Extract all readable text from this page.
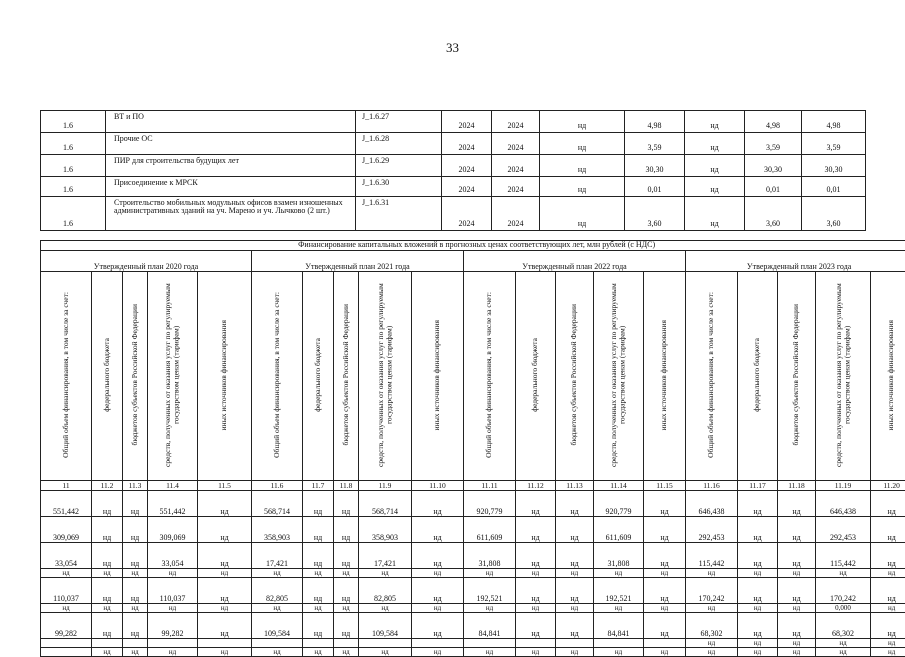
33
1.6	ВТ и ПО	J_1.6.27	2024	2024	нд	4,98	нд	4,98	4,98
1.6	Прочие ОС	J_1.6.28	2024	2024	нд	3,59	нд	3,59	3,59
1.6	ПИР для строительства будущих лет	J_1.6.29	2024	2024	нд	30,30	нд	30,30	30,30
1.6	Присоединение к МРСК	J_1.6.30	2024	2024	нд	0,01	нд	0,01	0,01
1.6	Строительство мобильных модульных офисов взамен изношенных административных зданий на уч. Марено и уч. Лычково (2 шт.)	J_1.6.31	2024	2024	нд	3,60	нд	3,60	3,60
Финансирование капитальных вложений в прогнозных ценах соответствующих лет, млн рублей (с НДС)																			
Утвержденный план 2020 года					Утвержденный план 2021 года					Утвержденный план 2022 года					Утвержденный план 2023 года				
Общий объем финансирования, в том числе за счет:	федерального бюджета	бюджетов субъектов Российской Федерации	средств, полученных от оказания услуг по регулируемым государством ценам (тарифам)	иных источников финансирования	Общий объем финансирования, в том числе за счет:	федерального бюджета	бюджетов субъектов Российской Федерации	средств, полученных от оказания услуг по регулируемым государством ценам (тарифам)	иных источников финансирования	Общий объем финансирования, в том числе за счет:	федерального бюджета	бюджетов субъектов Российской Федерации	средств, полученных от оказания услуг по регулируемым государством ценам (тарифам)	иных источников финансирования	Общий объем финансирования, в том числе за счет:	федерального бюджета	бюджетов субъектов Российской Федерации	средств, полученных от оказания услуг по регулируемым государством ценам (тарифам)	иных источников финансирования
11	11.2	11.3	11.4	11.5	11.6	11.7	11.8	11.9	11.10	11.11	11.12	11.13	11.14	11.15	11.16	11.17	11.18	11.19	11.20
551,442	нд	нд	551,442	нд	568,714	нд	нд	568,714	нд	920,779	нд	нд	920,779	нд	646,438	нд	нд	646,438	нд
309,069	нд	нд	309,069	нд	358,903	нд	нд	358,903	нд	611,609	нд	нд	611,609	нд	292,453	нд	нд	292,453	нд
33,054	нд	нд	33,054	нд	17,421	нд	нд	17,421	нд	31,808	нд	нд	31,808	нд	115,442	нд	нд	115,442	нд
нд	нд	нд	нд	нд	нд	нд	нд	нд	нд	нд	нд	нд	нд	нд	нд	нд	нд	нд	нд
110,037	нд	нд	110,037	нд	82,805	нд	нд	82,805	нд	192,521	нд	нд	192,521	нд	170,242	нд	нд	170,242	нд
нд	нд	нд	нд	нд	нд	нд	нд	нд	нд	нд	нд	нд	нд	нд	нд	нд	нд	0,000	нд
99,282	нд	нд	99,282	нд	109,584	нд	нд	109,584	нд	84,841	нд	нд	84,841	нд	68,302	нд	нд	68,302	нд
															нд	нд	нд	нд	нд
	нд	нд	нд	нд	нд	нд	нд	нд	нд	нд	нд	нд	нд	нд	нд	нд	нд	нд	нд
